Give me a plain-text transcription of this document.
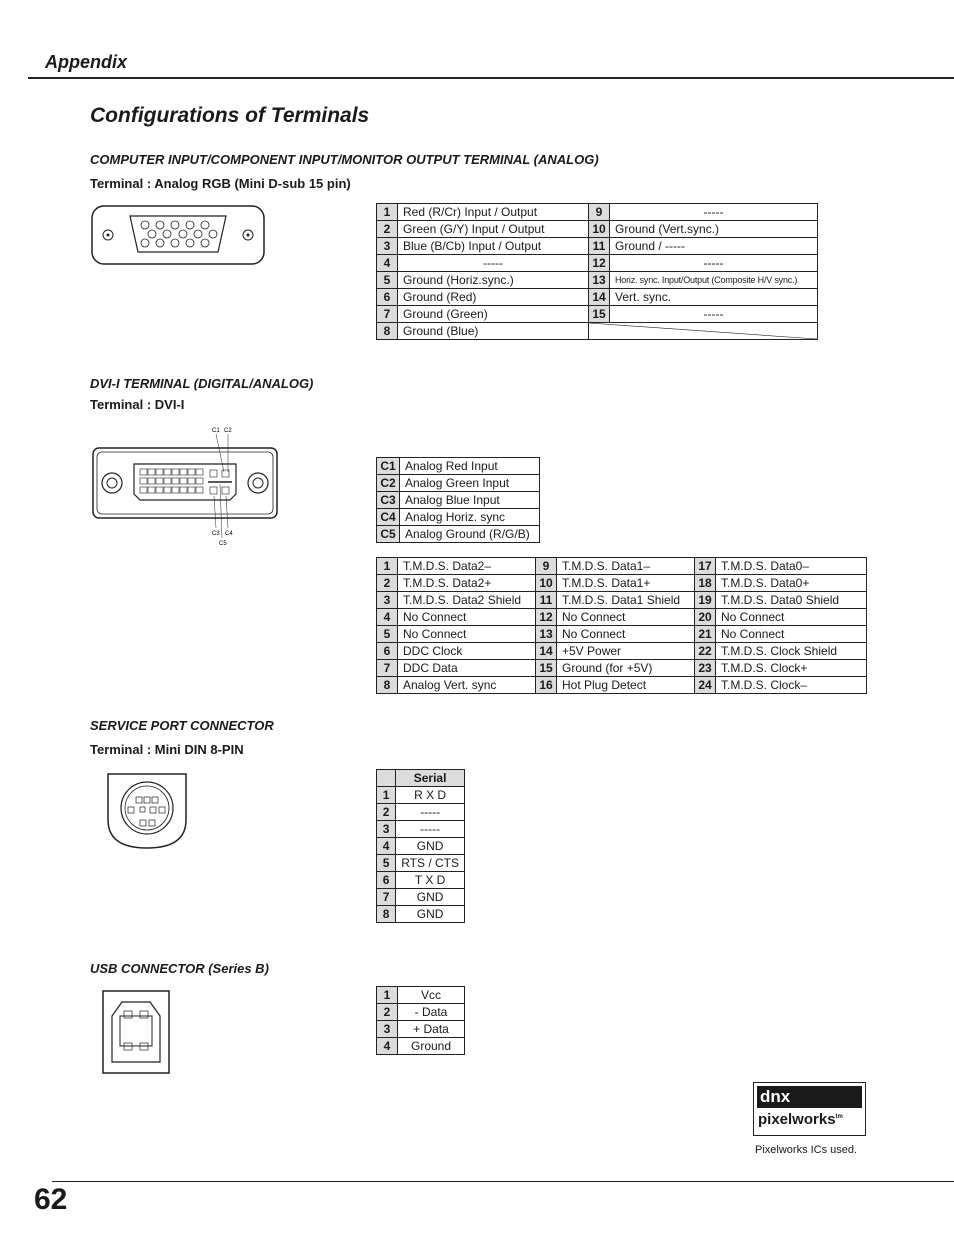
Appendix
Configurations of Terminals
COMPUTER INPUT/COMPONENT INPUT/MONITOR OUTPUT TERMINAL (ANALOG)
Terminal : Analog RGB (Mini D-sub 15 pin)
1	Red (R/Cr) Input / Output	9	-----
2	Green (G/Y) Input / Output	10	Ground (Vert.sync.)
3	Blue (B/Cb) Input / Output	11	Ground / -----
4	-----	12	-----
5	Ground (Horiz.sync.)	13	Horiz. sync. Input/Output (Composite H/V sync.)
6	Ground (Red)	14	Vert. sync.
7	Ground (Green)	15	-----
8	Ground (Blue)	
DVI-I TERMINAL (DIGITAL/ANALOG)
Terminal : DVI-I
C1 C2
C3 C4
C5
C1	Analog Red Input
C2	Analog Green Input
C3	Analog Blue Input
C4	Analog Horiz. sync
C5	Analog Ground (R/G/B)
1	T.M.D.S. Data2–	9	T.M.D.S. Data1–	17	T.M.D.S. Data0–
2	T.M.D.S. Data2+	10	T.M.D.S. Data1+	18	T.M.D.S. Data0+
3	T.M.D.S. Data2 Shield	11	T.M.D.S. Data1 Shield	19	T.M.D.S. Data0 Shield
4	No Connect	12	No Connect	20	No Connect
5	No Connect	13	No Connect	21	No Connect
6	DDC Clock	14	+5V Power	22	T.M.D.S. Clock Shield
7	DDC Data	15	Ground (for +5V)	23	T.M.D.S. Clock+
8	Analog Vert. sync	16	Hot Plug Detect	24	T.M.D.S. Clock–
SERVICE PORT CONNECTOR
Terminal : Mini DIN 8-PIN
	Serial
1	R X D
2	-----
3	-----
4	GND
5	RTS / CTS
6	T X D
7	GND
8	GND
USB CONNECTOR (Series B)
1	Vcc
2	- Data
3	+ Data
4	Ground
dnx
pixelworks$^{tm}$
Pixelworks ICs used.
62
